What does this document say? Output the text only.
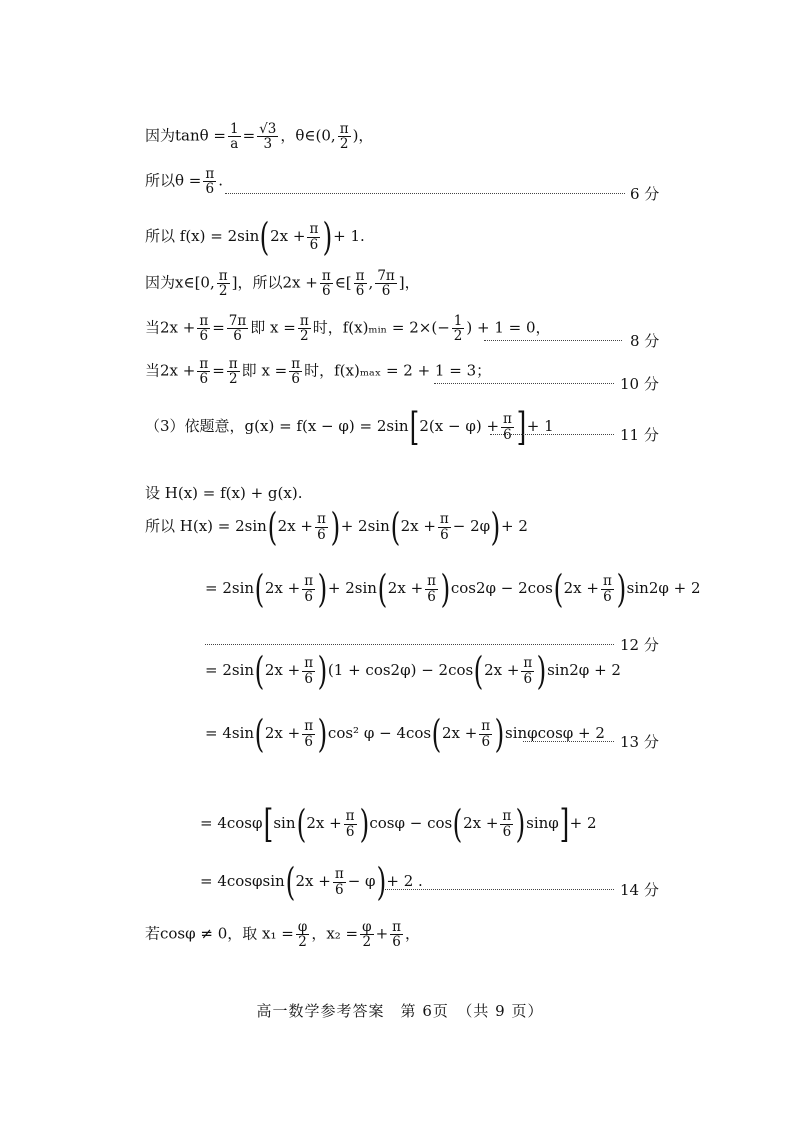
因为$\tan\theta = \frac{1}{a} = \frac{√3}{3}$ ，θ∈(0, $\frac{\pi}{2}$ )，
所以$\theta = \frac{\pi}{6}$ .
6 分
所以 $f(x) = 2\sin(2x + \frac{\pi}{6}$ )+ 1.
因为x∈[0, $\frac{\pi}{2}$ ]，所以$2x + \frac{\pi}{6}$ ∈[ $\frac{\pi}{6}$ , $\frac{7\pi}{6}$ ]，
当$2x + \frac{\pi}{6} = \frac{7\pi}{6}$ 即 $x = \frac{\pi}{2}$ 时，f(x)ₘᵢₙ = $2\times(- \frac{1}{2}$ ) + 1 = 0，
8 分
当$2x + \frac{\pi}{6} = \frac{\pi}{2}$ 即 $x = \frac{\pi}{6}$ 时，f(x)ₘₐₓ = 2 + 1 = 3；
10 分
（3）依题意，$g(x) = f(x - \varphi) = 2\sin[2(x - \varphi) + \frac{\pi}{6}$ ]+ 1	11 分
设 H(x) = f(x) + g(x).
所以 $H(x) = 2\sin(2x + \frac{\pi}{6}$ )+ $2\sin(2x + \frac{\pi}{6} - 2\varphi)+ 2$
= $2\sin(2x + \frac{\pi}{6}$ )+ $2\sin(2x + \frac{\pi}{6} )\cos 2\varphi - 2\cos(2x + \frac{\pi}{6} )\sin 2\varphi + 2$
12 分
= $2\sin(2x + \frac{\pi}{6} )(1 + \cos 2\varphi) - 2\cos(2x + \frac{\pi}{6} )\sin 2\varphi + 2$
= $4\sin(2x + \frac{\pi}{6} )\cos^2$ $\varphi - 4\cos(2x + \frac{\pi}{6} )\sin\varphi\cos\varphi + 2$ 13 分
= $4\cos\varphi[\sin(2x + \frac{\pi}{6} )\cos\varphi - \cos(2x + \frac{\pi}{6} )\sin\varphi]+ 2$
= $4\cos\varphi\sin(2x + \frac{\pi}{6} - \varphi)+ 2$ .	14 分
若cosφ ≠ 0，取 $x_1 = \frac{\varphi}{2}$ ，$x_2 = \frac{\varphi}{2} + \frac{\pi}{6}$ ，
高一数学参考答案　第 6页　（共 9 页）
